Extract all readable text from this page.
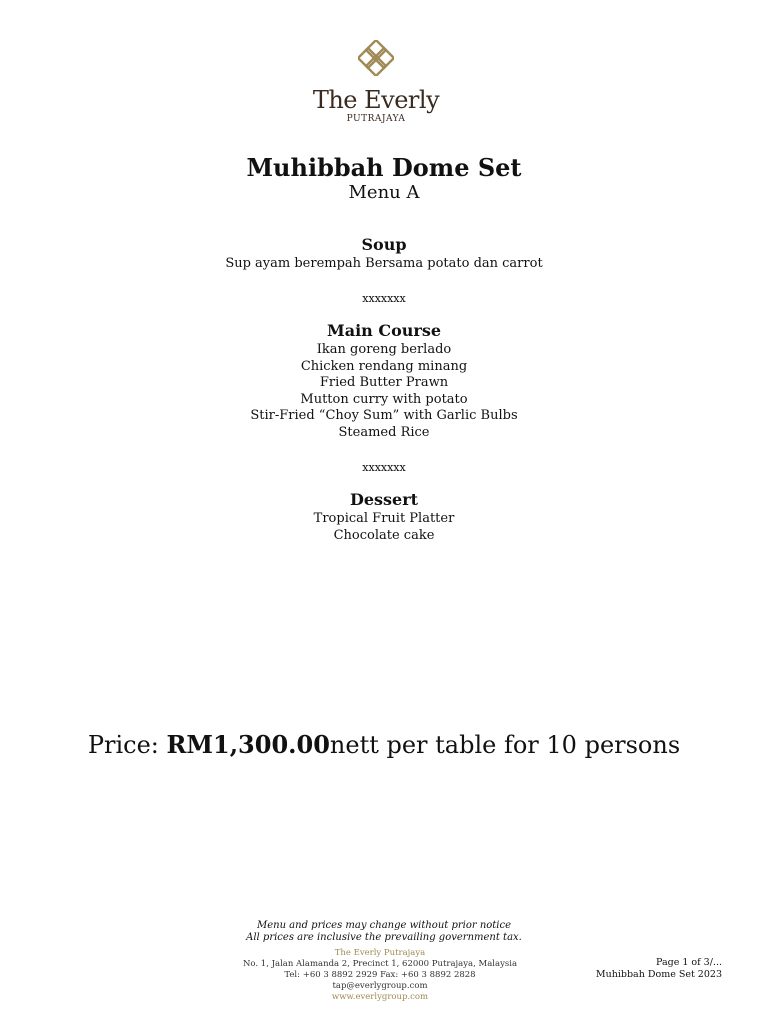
The Everly
PUTRAJAYA
Muhibbah Dome Set
Menu A
Soup
Sup ayam berempah Bersama potato dan carrot
xxxxxxx
Main Course
Ikan goreng berlado
Chicken rendang minang
Fried Butter Prawn
Mutton curry with potato
Stir-Fried “Choy Sum” with Garlic Bulbs
Steamed Rice
xxxxxxx
Dessert
Tropical Fruit Platter
Chocolate cake
Price: RM1,300.00nett per table for 10 persons
Menu and prices may change without prior notice
All prices are inclusive the prevailing government tax.
The Everly Putrajaya
No. 1, Jalan Alamanda 2, Precinct 1, 62000 Putrajaya, Malaysia
Tel: +60 3 8892 2929 Fax: +60 3 8892 2828 tap@everlygroup.com
www.everlygroup.com
Page 1 of 3/...
Muhibbah Dome Set 2023
